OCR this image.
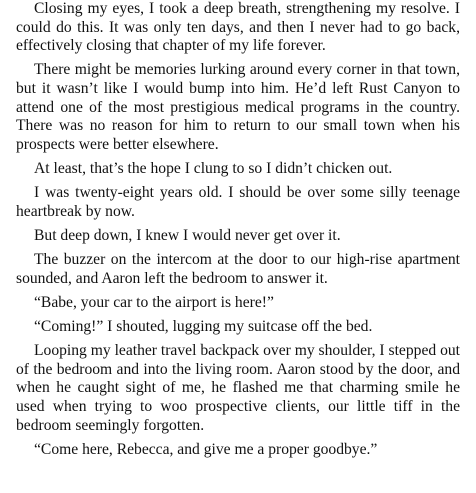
Closing my eyes, I took a deep breath, strengthening my resolve. I could do this. It was only ten days, and then I never had to go back, effectively closing that chapter of my life forever.

There might be memories lurking around every corner in that town, but it wasn’t like I would bump into him. He’d left Rust Canyon to attend one of the most prestigious medical programs in the country. There was no reason for him to return to our small town when his prospects were better elsewhere.

At least, that’s the hope I clung to so I didn’t chicken out.

I was twenty-eight years old. I should be over some silly teenage heartbreak by now.

But deep down, I knew I would never get over it.

The buzzer on the intercom at the door to our high-rise apartment sounded, and Aaron left the bedroom to answer it.

“Babe, your car to the airport is here!”

“Coming!” I shouted, lugging my suitcase off the bed.

Looping my leather travel backpack over my shoulder, I stepped out of the bedroom and into the living room. Aaron stood by the door, and when he caught sight of me, he flashed me that charming smile he used when trying to woo prospective clients, our little tiff in the bedroom seemingly forgotten.

“Come here, Rebecca, and give me a proper goodbye.”
